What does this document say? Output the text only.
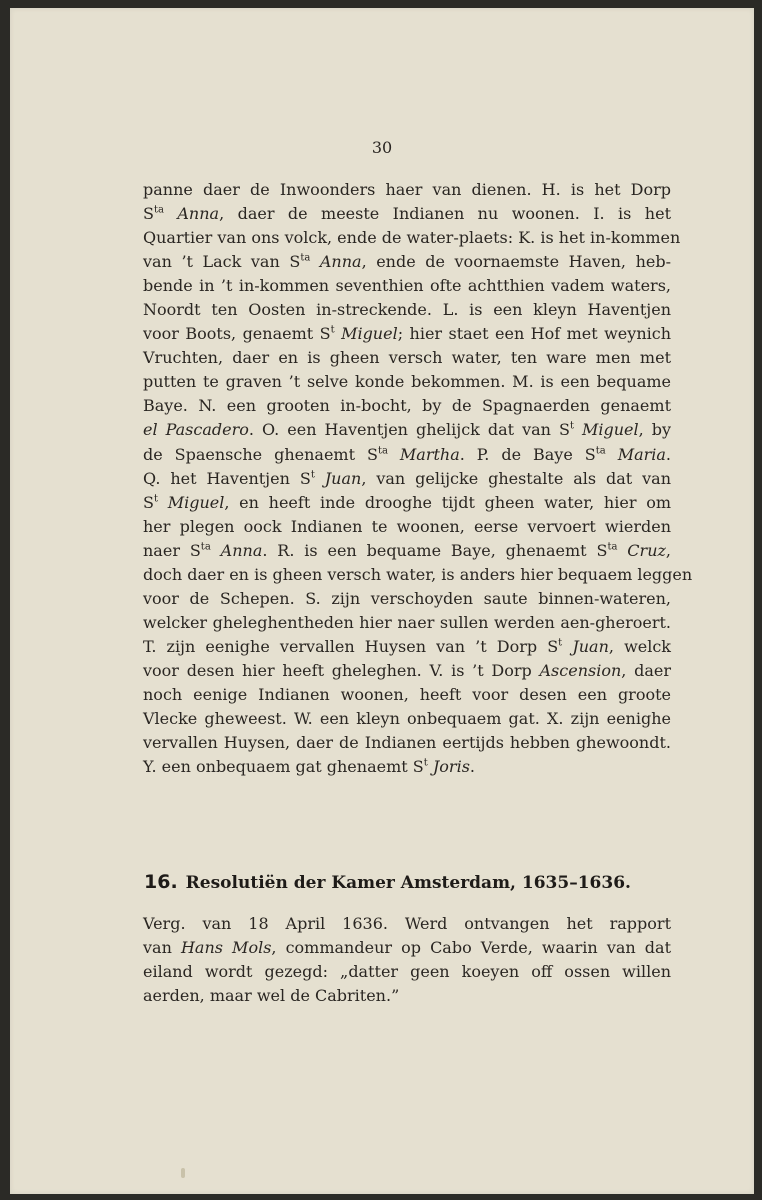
30
panne daer de Inwoonders haer van dienen. H. is het Dorp
$S^{ta}$ Anna, daer de meeste Indianen nu woonen. I. is het
Quartier van ons volck, ende de water-plaets: K. is het in-kommen
van ’t Lack van $S^{ta}$ Anna, ende de voornaemste Haven, heb-
bende in ’t in-kommen seventhien ofte achtthien vadem waters,
Noordt ten Oosten in-streckende. L. is een kleyn Haventjen
voor Boots, genaemt $S^t$ Miguel; hier staet een Hof met weynich
Vruchten, daer en is gheen versch water, ten ware men met
putten te graven ’t selve konde bekommen. M. is een bequame
Baye. N. een grooten in-bocht, by de Spagnaerden genaemt
el Pascadero. O. een Haventjen ghelijck dat van $S^t$ Miguel, by
de Spaensche ghenaemt $S^{ta}$ Martha. P. de Baye $S^{ta}$ Maria.
Q. het Haventjen $S^t$ Juan, van gelijcke ghestalte als dat van
$S^t$ Miguel, en heeft inde drooghe tijdt gheen water, hier om
her plegen oock Indianen te woonen, eerse vervoert wierden
naer $S^{ta}$ Anna. R. is een bequame Baye, ghenaemt $S^{ta}$ Cruz,
doch daer en is gheen versch water, is anders hier bequaem leggen
voor de Schepen. S. zijn verschoyden saute binnen-wateren,
welcker gheleghentheden hier naer sullen werden aen-gheroert.
T. zijn eenighe vervallen Huysen van ’t Dorp $S^t$ Juan, welck
voor desen hier heeft gheleghen. V. is ’t Dorp Ascension, daer
noch eenige Indianen woonen, heeft voor desen een groote
Vlecke gheweest. W. een kleyn onbequaem gat. X. zijn eenighe
vervallen Huysen, daer de Indianen eertijds hebben ghewoondt.
Y. een onbequaem gat ghenaemt $S^t$ Joris.
16. Resolutiën der Kamer Amsterdam, 1635–1636.
Verg. van 18 April 1636. Werd ontvangen het rapport
van Hans Mols, commandeur op Cabo Verde, waarin van dat
eiland wordt gezegd: „datter geen koeyen off ossen willen
aerden, maar wel de Cabriten.”
